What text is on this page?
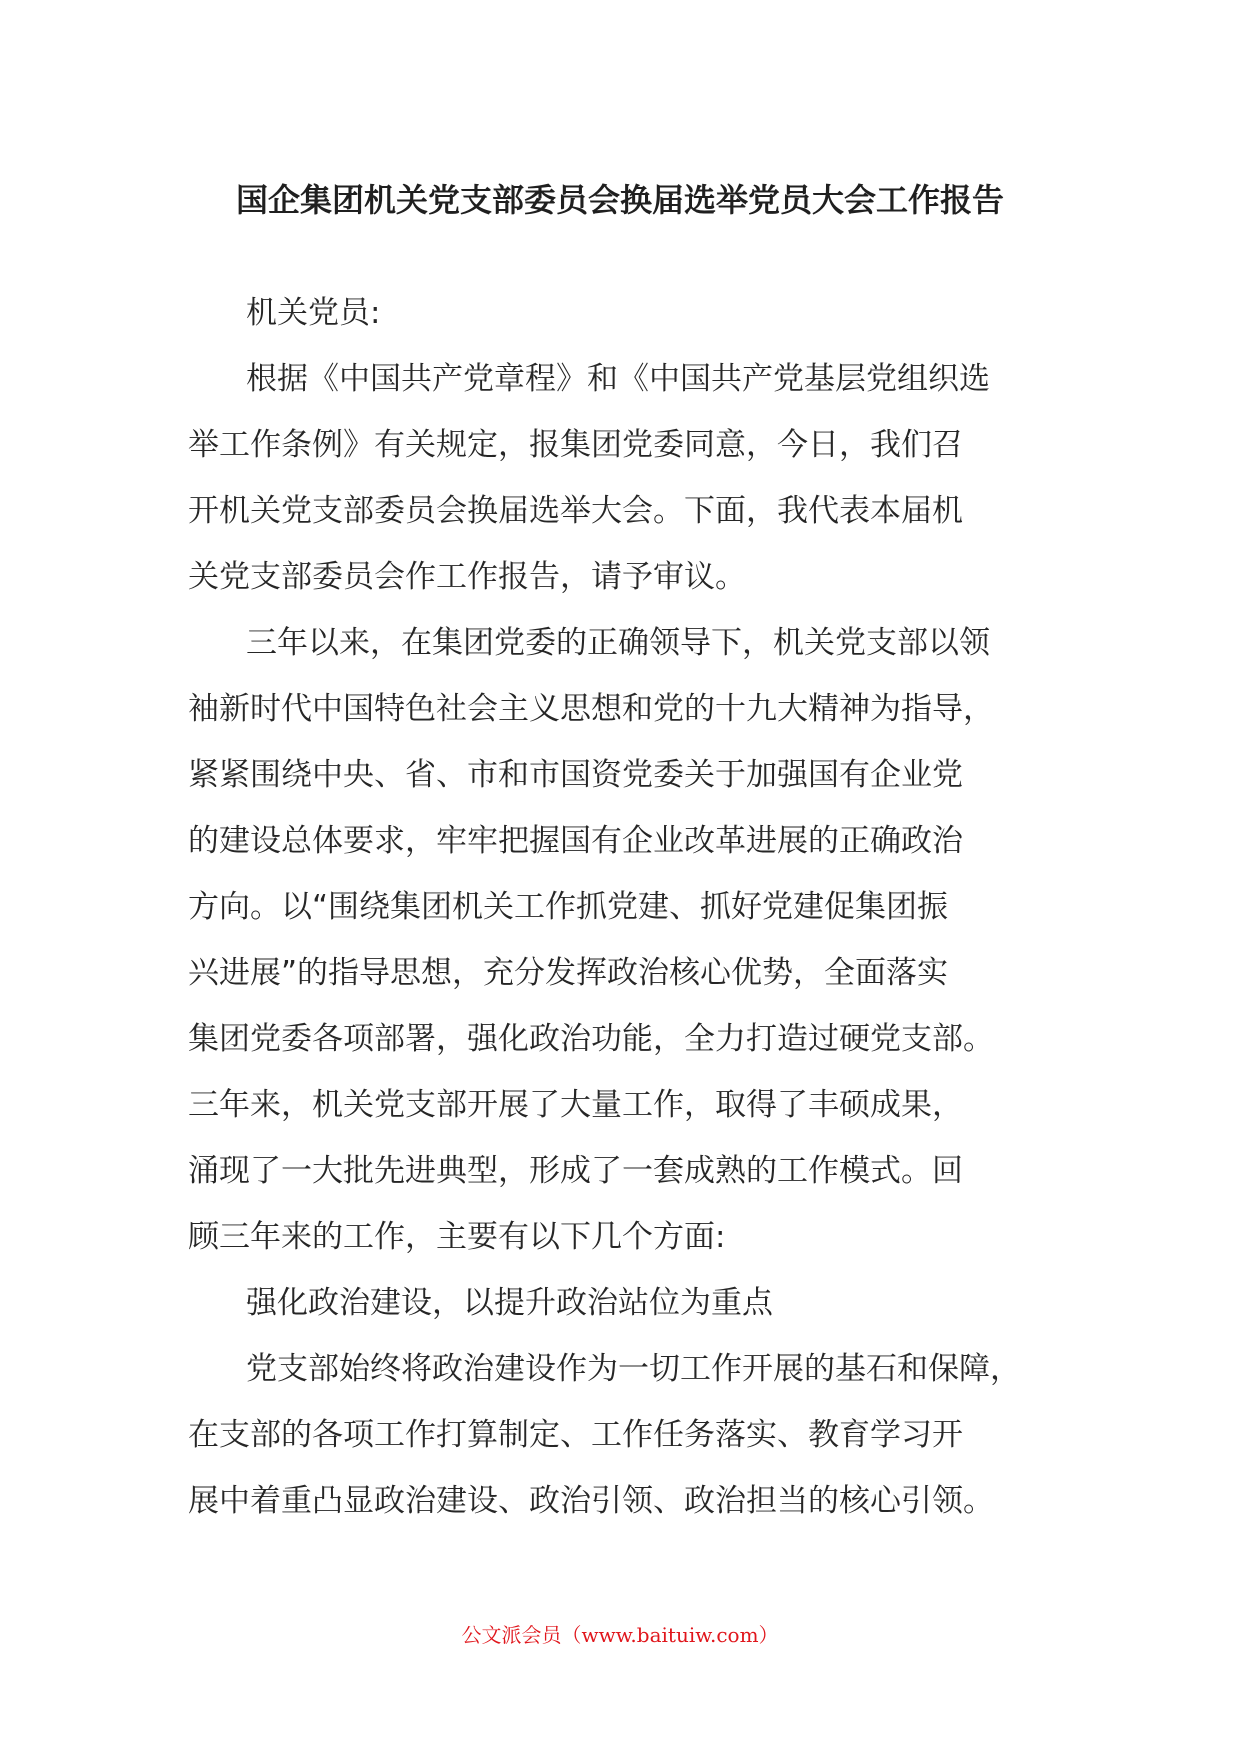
国企集团机关党支部委员会换届选举党员大会工作报告
机关党员:
根据《中国共产党章程》和《中国共产党基层党组织选
举工作条例》有关规定，报集团党委同意，今日，我们召
开机关党支部委员会换届选举大会。下面，我代表本届机
关党支部委员会作工作报告，请予审议。
三年以来，在集团党委的正确领导下，机关党支部以领
袖新时代中国特色社会主义思想和党的十九大精神为指导，
紧紧围绕中央、省、市和市国资党委关于加强国有企业党
的建设总体要求，牢牢把握国有企业改革进展的正确政治
方向。以“围绕集团机关工作抓党建、抓好党建促集团振
兴进展”的指导思想，充分发挥政治核心优势，全面落实
集团党委各项部署，强化政治功能，全力打造过硬党支部。
三年来，机关党支部开展了大量工作，取得了丰硕成果，
涌现了一大批先进典型，形成了一套成熟的工作模式。回
顾三年来的工作，主要有以下几个方面:
强化政治建设，以提升政治站位为重点
党支部始终将政治建设作为一切工作开展的基石和保障，
在支部的各项工作打算制定、工作任务落实、教育学习开
展中着重凸显政治建设、政治引领、政治担当的核心引领。
公文派会员（www.baituiw.com）
